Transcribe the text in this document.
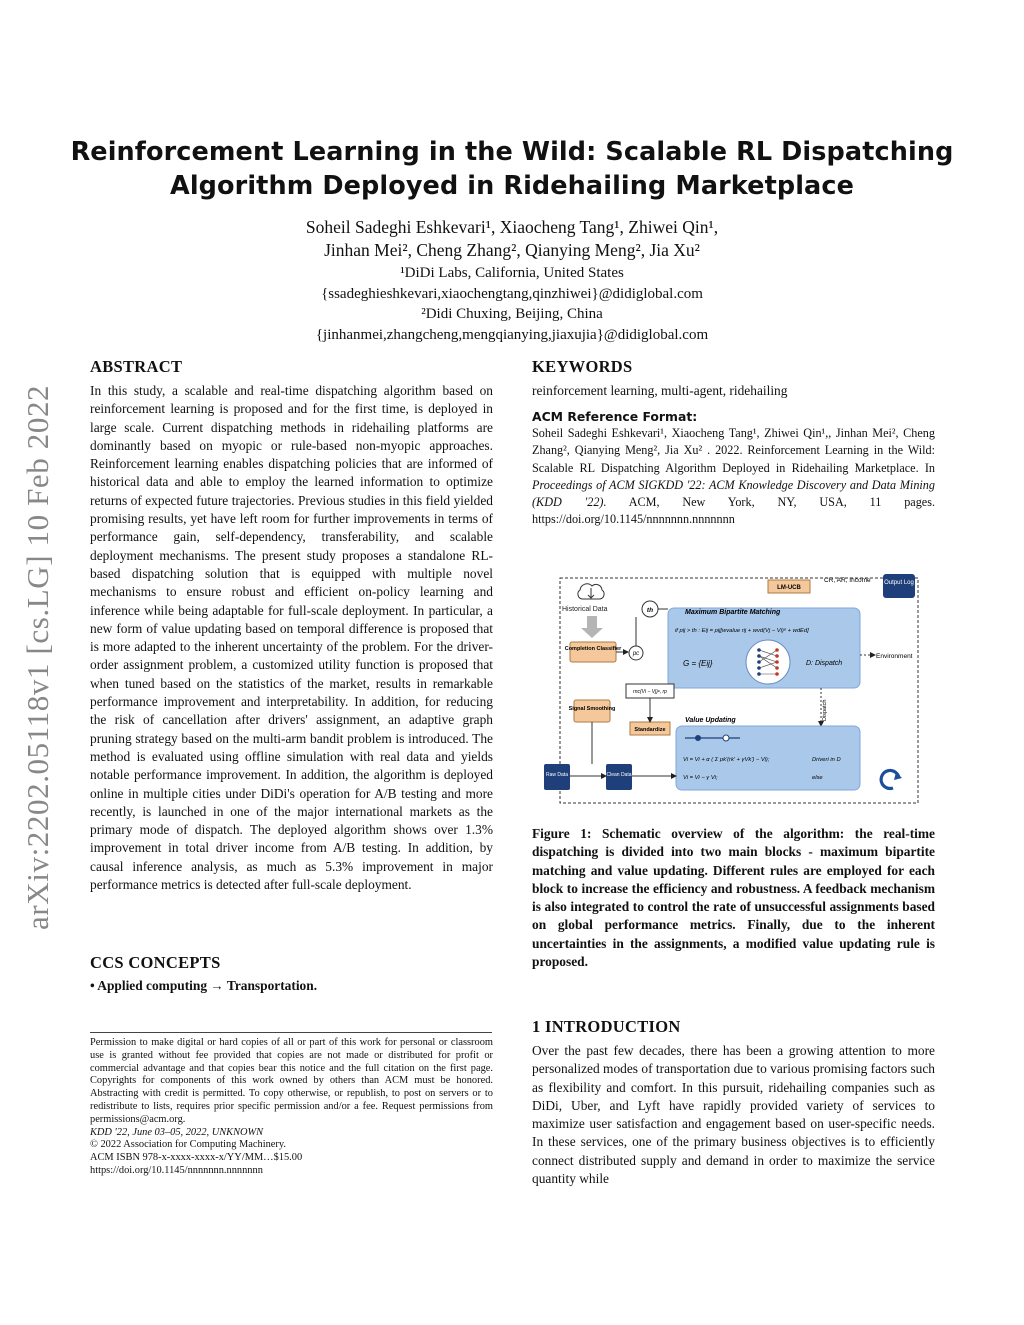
Reinforcement Learning in the Wild: Scalable RL Dispatching
Algorithm Deployed in Ridehailing Marketplace
Soheil Sadeghi Eshkevari¹, Xiaocheng Tang¹, Zhiwei Qin¹,
Jinhan Mei², Cheng Zhang², Qianying Meng², Jia Xu²
¹DiDi Labs, California, United States
{ssadeghieshkevari,xiaochengtang,qinzhiwei}@didiglobal.com
²Didi Chuxing, Beijing, China
{jinhanmei,zhangcheng,mengqianying,jiaxujia}@didiglobal.com
arXiv:2202.05118v1 [cs.LG] 10 Feb 2022
ABSTRACT

In this study, a scalable and real-time dispatching algorithm based on reinforcement learning is proposed and for the first time, is deployed in large scale. Current dispatching methods in ridehailing platforms are dominantly based on myopic or rule-based non-myopic approaches. Reinforcement learning enables dispatching policies that are informed of historical data and able to employ the learned information to optimize returns of expected future trajectories. Previous studies in this field yielded promising results, yet have left room for further improvements in terms of performance gain, self-dependency, transferability, and scalable deployment mechanisms. The present study proposes a standalone RL-based dispatching solution that is equipped with multiple novel mechanisms to ensure robust and efficient on-policy learning and inference while being adaptable for full-scale deployment. In particular, a new form of value updating based on temporal difference is proposed that is more adapted to the inherent uncertainty of the problem. For the driver-order assignment problem, a customized utility function is proposed that when tuned based on the statistics of the market, results in remarkable performance improvement and interpretability. In addition, for reducing the risk of cancellation after drivers' assignment, an adaptive graph pruning strategy based on the multi-arm bandit problem is introduced. The method is evaluated using offline simulation with real data and yields notable performance improvement. In addition, the algorithm is deployed online in multiple cities under DiDi's operation for A/B testing and more recently, is launched in one of the major international markets as the primary mode of dispatch. The deployed algorithm shows over 1.3% improvement in total driver income from A/B testing. In addition, by causal inference analysis, as much as 5.3% improvement in major performance metrics is detected after full-scale deployment.

CCS CONCEPTS
• Applied computing → Transportation.
Permission to make digital or hard copies of all or part of this work for personal or classroom use is granted without fee provided that copies are not made or distributed for profit or commercial advantage and that copies bear this notice and the full citation on the first page. Copyrights for components of this work owned by others than ACM must be honored. Abstracting with credit is permitted. To copy otherwise, or republish, to post on servers or to redistribute to lists, requires prior specific permission and/or a fee. Request permissions from permissions@acm.org.
KDD '22, June 03–05, 2022, UNKNOWN
© 2022 Association for Computing Machinery.
ACM ISBN 978-x-xxxx-xxxx-x/YY/MM…$15.00
https://doi.org/10.1145/nnnnnnn.nnnnnnn
KEYWORDS
reinforcement learning, multi-agent, ridehailing
ACM Reference Format:
Soheil Sadeghi Eshkevari¹, Xiaocheng Tang¹, Zhiwei Qin¹,, Jinhan Mei², Cheng Zhang², Qianying Meng², Jia Xu² . 2022. Reinforcement Learning in the Wild: Scalable RL Dispatching Algorithm Deployed in Ridehailing Marketplace. In Proceedings of ACM SIGKDD '22: ACM Knowledge Discovery and Data Mining (KDD '22). ACM, New York, NY, USA, 11 pages. https://doi.org/10.1145/nnnnnnn.nnnnnnn
Historical Data
Completion Classifier
pc
th
LM-UCB
CR, AR, Income Output Log
Maximum Bipartite Matching
if pij > th : Eij = pij[wvalue rij + wvd(Vj − Vi)ᵉ + wdEd]
G = {Eij}	D: Dispatch
Environment
rnc(Vi − Vj)ᵉ, rp
Signal Smoothing
Standardize
Dispatch
Value Updating
Vi = Vi + α ( Σ pk'(rk' + γVk') − Vi);	Driveri in D
Vi = Vi − γ Vi;	else
Raw Data	Clean Data
Figure 1: Schematic overview of the algorithm: the real-time dispatching is divided into two main blocks - maximum bipartite matching and value updating. Different rules are employed for each block to increase the efficiency and robustness. A feedback mechanism is also integrated to control the rate of unsuccessful assignments based on global performance metrics. Finally, due to the inherent uncertainties in the assignments, a modified value updating rule is proposed.
1 INTRODUCTION
Over the past few decades, there has been a growing attention to more personalized modes of transportation due to various promising factors such as flexibility and comfort. In this pursuit, ridehailing companies such as DiDi, Uber, and Lyft have rapidly provided variety of services to maximize user satisfaction and engagement based on user-specific needs. In these services, one of the primary business objectives is to efficiently connect distributed supply and demand in order to maximize the service quantity while
